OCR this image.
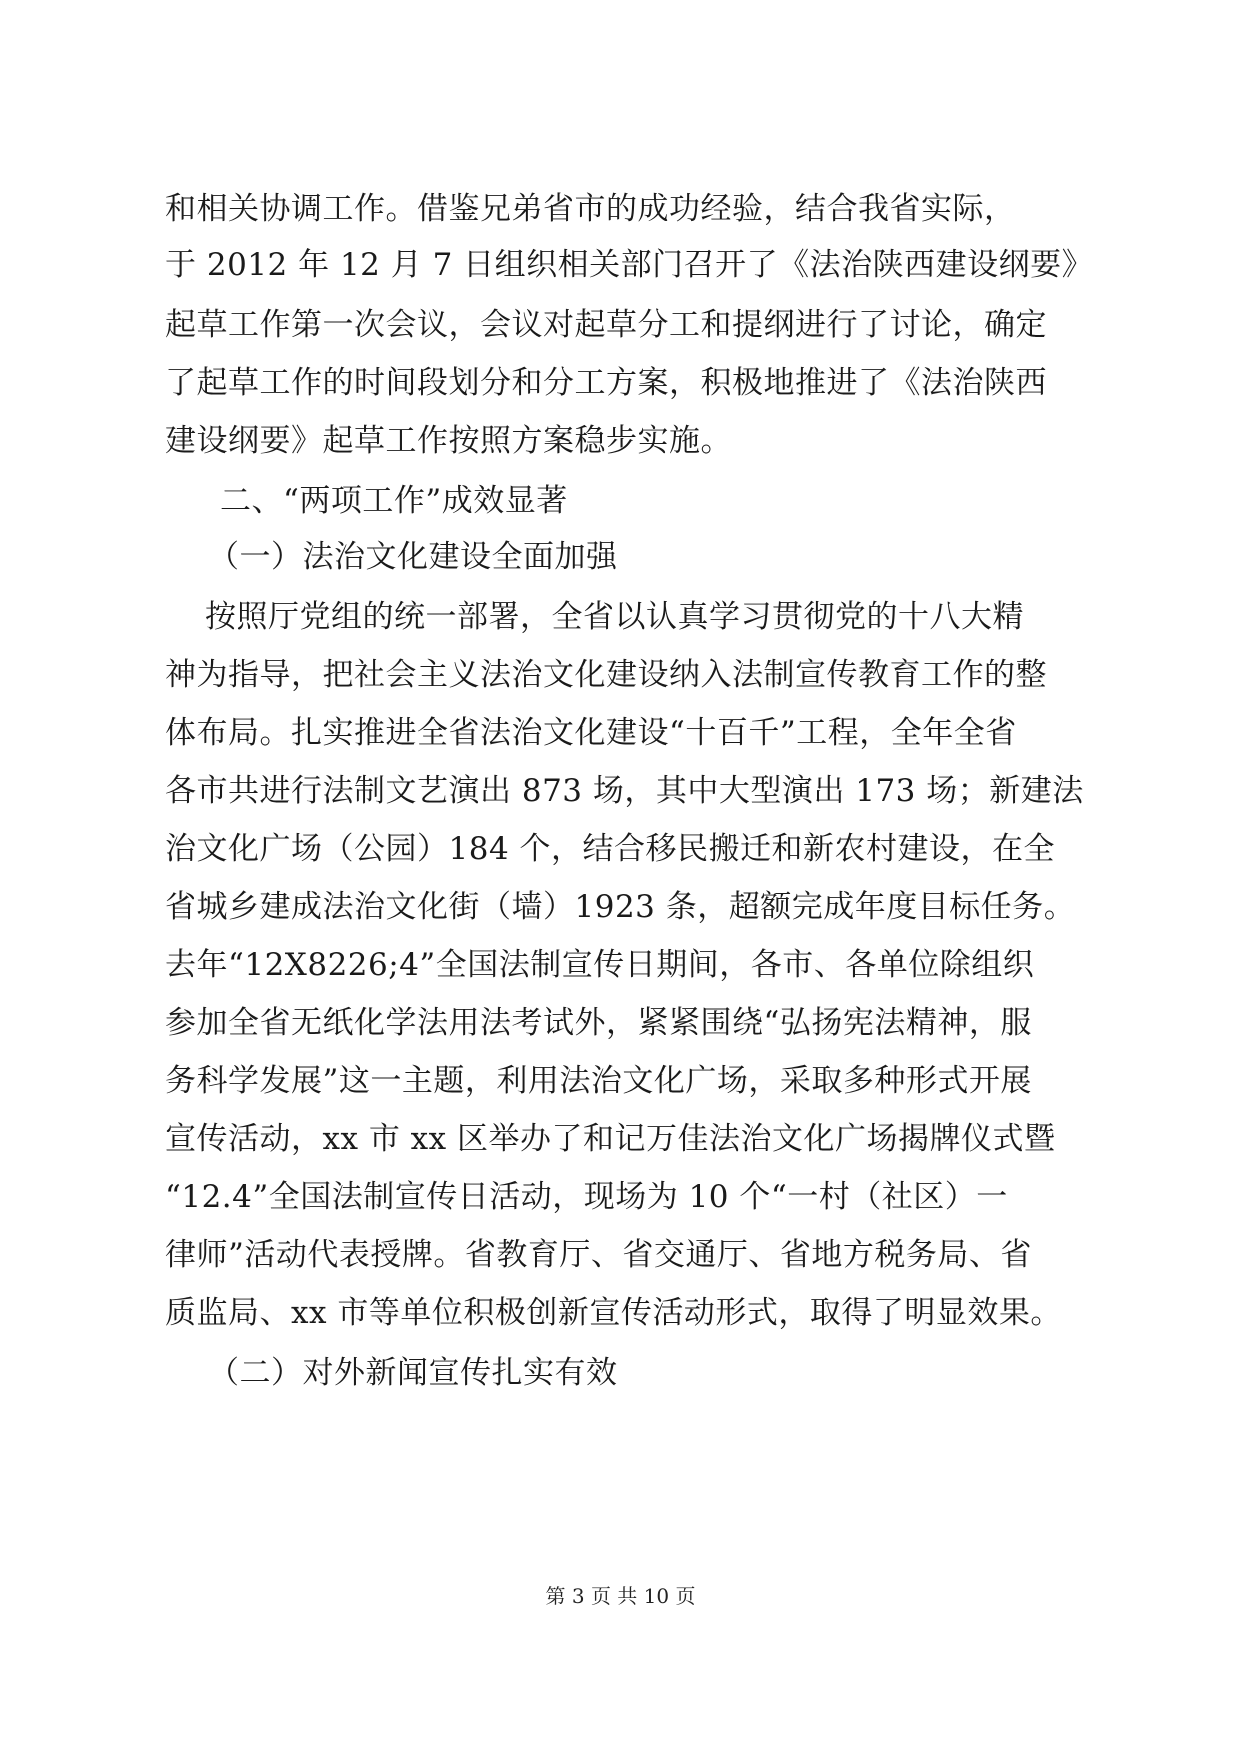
和相关协调工作。借鉴兄弟省市的成功经验，结合我省实际，
于 2012 年 12 月 7 日组织相关部门召开了《法治陕西建设纲要》
起草工作第一次会议，会议对起草分工和提纲进行了讨论，确定
了起草工作的时间段划分和分工方案，积极地推进了《法治陕西
建设纲要》起草工作按照方案稳步实施。
二、“两项工作”成效显著
（一）法治文化建设全面加强
按照厅党组的统一部署，全省以认真学习贯彻党的十八大精
神为指导，把社会主义法治文化建设纳入法制宣传教育工作的整
体布局。扎实推进全省法治文化建设“十百千”工程，全年全省
各市共进行法制文艺演出 873 场，其中大型演出 173 场；新建法
治文化广场（公园）184 个，结合移民搬迁和新农村建设，在全
省城乡建成法治文化街（墙）1923 条，超额完成年度目标任务。
去年“12X8226;4”全国法制宣传日期间，各市、各单位除组织
参加全省无纸化学法用法考试外，紧紧围绕“弘扬宪法精神，服
务科学发展”这一主题，利用法治文化广场，采取多种形式开展
宣传活动，xx 市 xx 区举办了和记万佳法治文化广场揭牌仪式暨
“12.4”全国法制宣传日活动，现场为 10 个“一村（社区）一
律师”活动代表授牌。省教育厅、省交通厅、省地方税务局、省
质监局、xx 市等单位积极创新宣传活动形式，取得了明显效果。
（二）对外新闻宣传扎实有效
第 3 页 共 10 页
